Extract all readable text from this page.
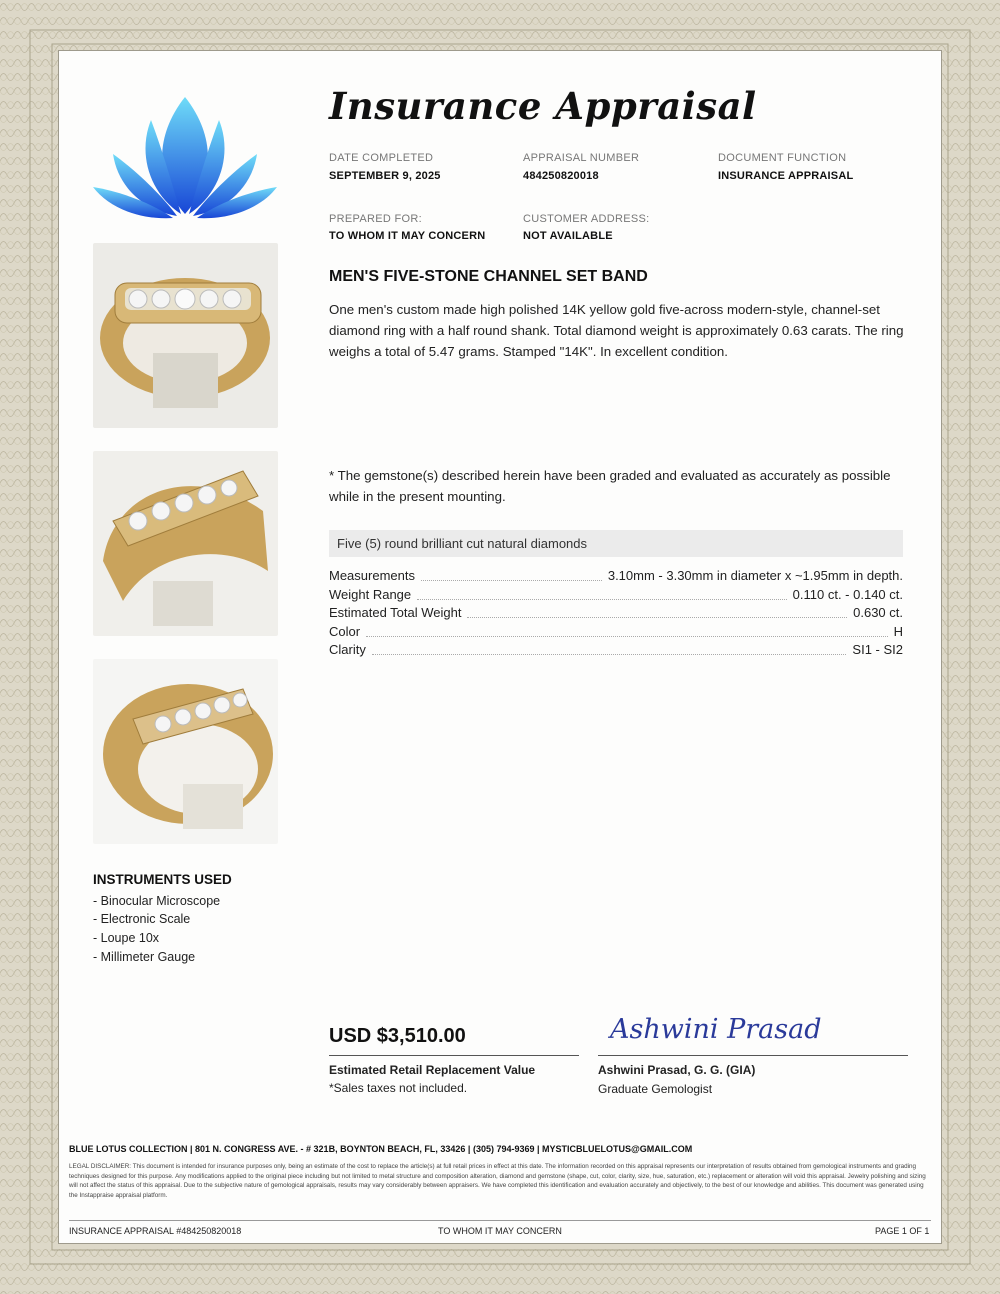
Insurance Appraisal
DATE COMPLETED
SEPTEMBER 9, 2025
APPRAISAL NUMBER
484250820018
DOCUMENT FUNCTION
INSURANCE APPRAISAL
PREPARED FOR:
TO WHOM IT MAY CONCERN
CUSTOMER ADDRESS:
NOT AVAILABLE
MEN'S FIVE-STONE CHANNEL SET BAND
One men's custom made high polished 14K yellow gold five-across modern-style, channel-set diamond ring with a half round shank. Total diamond weight is approximately 0.63 carats. The ring weighs a total of 5.47 grams. Stamped "14K". In excellent condition.
* The gemstone(s) described herein have been graded and evaluated as accurately as possible while in the present mounting.
Five (5) round brilliant cut natural diamonds
Measurements	3.10mm - 3.30mm in diameter x ~1.95mm in depth.
Weight Range	0.110 ct. - 0.140 ct.
Estimated Total Weight	0.630 ct.
Color	H
Clarity	SI1 - SI2
INSTRUMENTS USED
- Binocular Microscope
- Electronic Scale
- Loupe 10x
- Millimeter Gauge
USD $3,510.00
Estimated Retail Replacement Value
*Sales taxes not included.
Ashwini Prasad
Ashwini Prasad, G. G. (GIA)
Graduate Gemologist
BLUE LOTUS COLLECTION | 801 N. CONGRESS AVE. - # 321B, BOYNTON BEACH, FL, 33426 | (305) 794-9369 | MYSTICBLUELOTUS@GMAIL.COM
LEGAL DISCLAIMER: This document is intended for insurance purposes only, being an estimate of the cost to replace the article(s) at full retail prices in effect at this date. The information recorded on this appraisal represents our interpretation of results obtained from gemological instruments and grading techniques designed for this purpose. Any modifications applied to the original piece including but not limited to metal structure and composition alteration, diamond and gemstone (shape, cut, color, clarity, size, hue, saturation, etc.) replacement or alteration will void this appraisal. Jewelry polishing and sizing will not affect the status of this appraisal. Due to the subjective nature of gemological appraisals, results may vary considerably between appraisers. We have completed this identification and evaluation accurately and objectively, to the best of our knowledge and abilities. This document was generated using the Instappraise appraisal platform.
INSURANCE APPRAISAL #484250820018	TO WHOM IT MAY CONCERN	PAGE 1 OF 1
